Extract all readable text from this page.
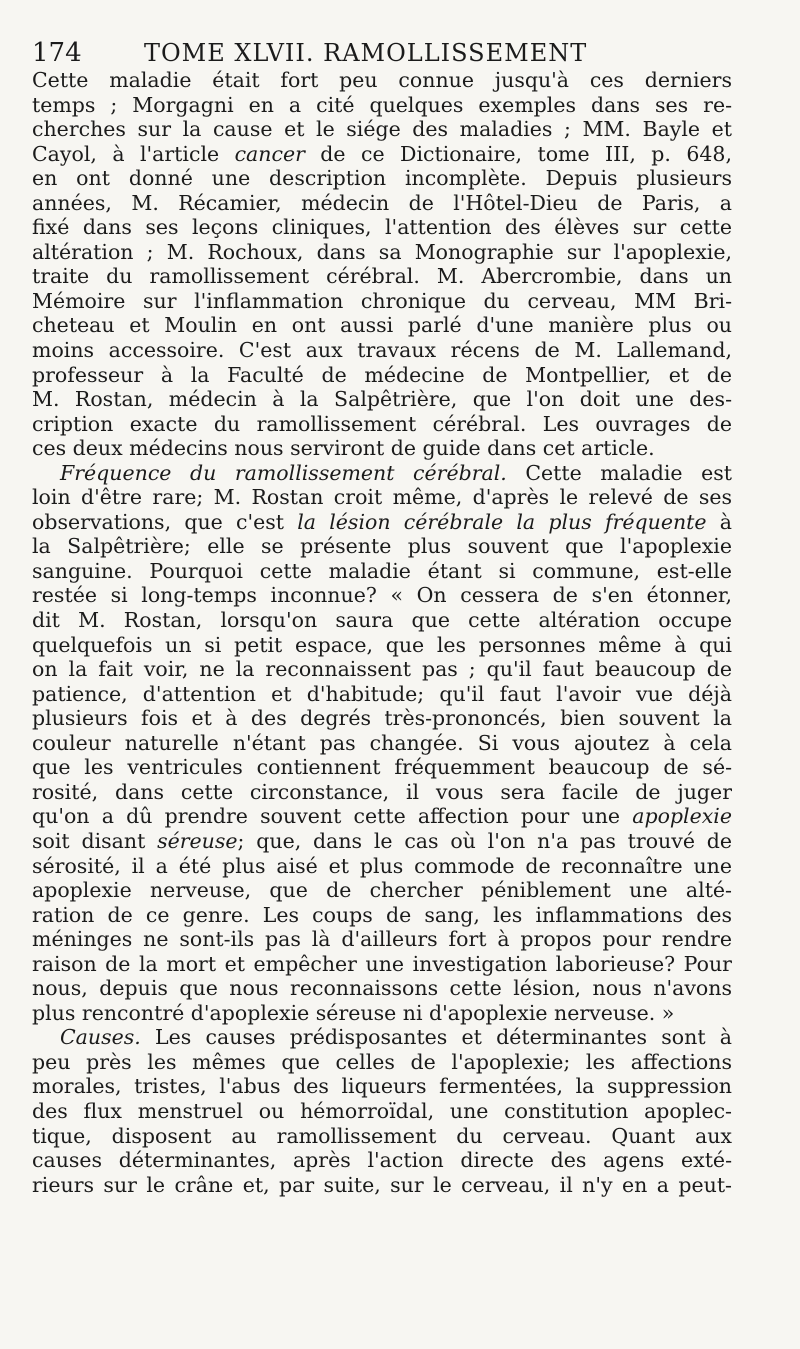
174	TOME XLVII. RAMOLLISSEMENT
Cette maladie était fort peu connue jusqu'à ces derniers
temps ; Morgagni en a cité quelques exemples dans ses re-
cherches sur la cause et le siége des maladies ; MM. Bayle et
Cayol, à l'article cancer de ce Dictionaire, tome III, p. 648,
en ont donné une description incomplète. Depuis plusieurs
années, M. Récamier, médecin de l'Hôtel-Dieu de Paris, a
fixé dans ses leçons cliniques, l'attention des élèves sur cette
altération ; M. Rochoux, dans sa Monographie sur l'apoplexie,
traite du ramollissement cérébral. M. Abercrombie, dans un
Mémoire sur l'inflammation chronique du cerveau, MM Bri-
cheteau et Moulin en ont aussi parlé d'une manière plus ou
moins accessoire. C'est aux travaux récens de M. Lallemand,
professeur à la Faculté de médecine de Montpellier, et de
M. Rostan, médecin à la Salpêtrière, que l'on doit une des-
cription exacte du ramollissement cérébral. Les ouvrages de
ces deux médecins nous serviront de guide dans cet article.
Fréquence du ramollissement cérébral. Cette maladie est
loin d'être rare; M. Rostan croit même, d'après le relevé de ses
observations, que c'est la lésion cérébrale la plus fréquente à
la Salpêtrière; elle se présente plus souvent que l'apoplexie
sanguine. Pourquoi cette maladie étant si commune, est-elle
restée si long-temps inconnue? « On cessera de s'en étonner,
dit M. Rostan, lorsqu'on saura que cette altération occupe
quelquefois un si petit espace, que les personnes même à qui
on la fait voir, ne la reconnaissent pas ; qu'il faut beaucoup de
patience, d'attention et d'habitude; qu'il faut l'avoir vue déjà
plusieurs fois et à des degrés très-prononcés, bien souvent la
couleur naturelle n'étant pas changée. Si vous ajoutez à cela
que les ventricules contiennent fréquemment beaucoup de sé-
rosité, dans cette circonstance, il vous sera facile de juger
qu'on a dû prendre souvent cette affection pour une apoplexie
soit disant séreuse; que, dans le cas où l'on n'a pas trouvé de
sérosité, il a été plus aisé et plus commode de reconnaître une
apoplexie nerveuse, que de chercher péniblement une alté-
ration de ce genre. Les coups de sang, les inflammations des
méninges ne sont-ils pas là d'ailleurs fort à propos pour rendre
raison de la mort et empêcher une investigation laborieuse? Pour
nous, depuis que nous reconnaissons cette lésion, nous n'avons
plus rencontré d'apoplexie séreuse ni d'apoplexie nerveuse. »
Causes. Les causes prédisposantes et déterminantes sont à
peu près les mêmes que celles de l'apoplexie; les affections
morales, tristes, l'abus des liqueurs fermentées, la suppression
des flux menstruel ou hémorroïdal, une constitution apoplec-
tique, disposent au ramollissement du cerveau. Quant aux
causes déterminantes, après l'action directe des agens exté-
rieurs sur le crâne et, par suite, sur le cerveau, il n'y en a peut-
